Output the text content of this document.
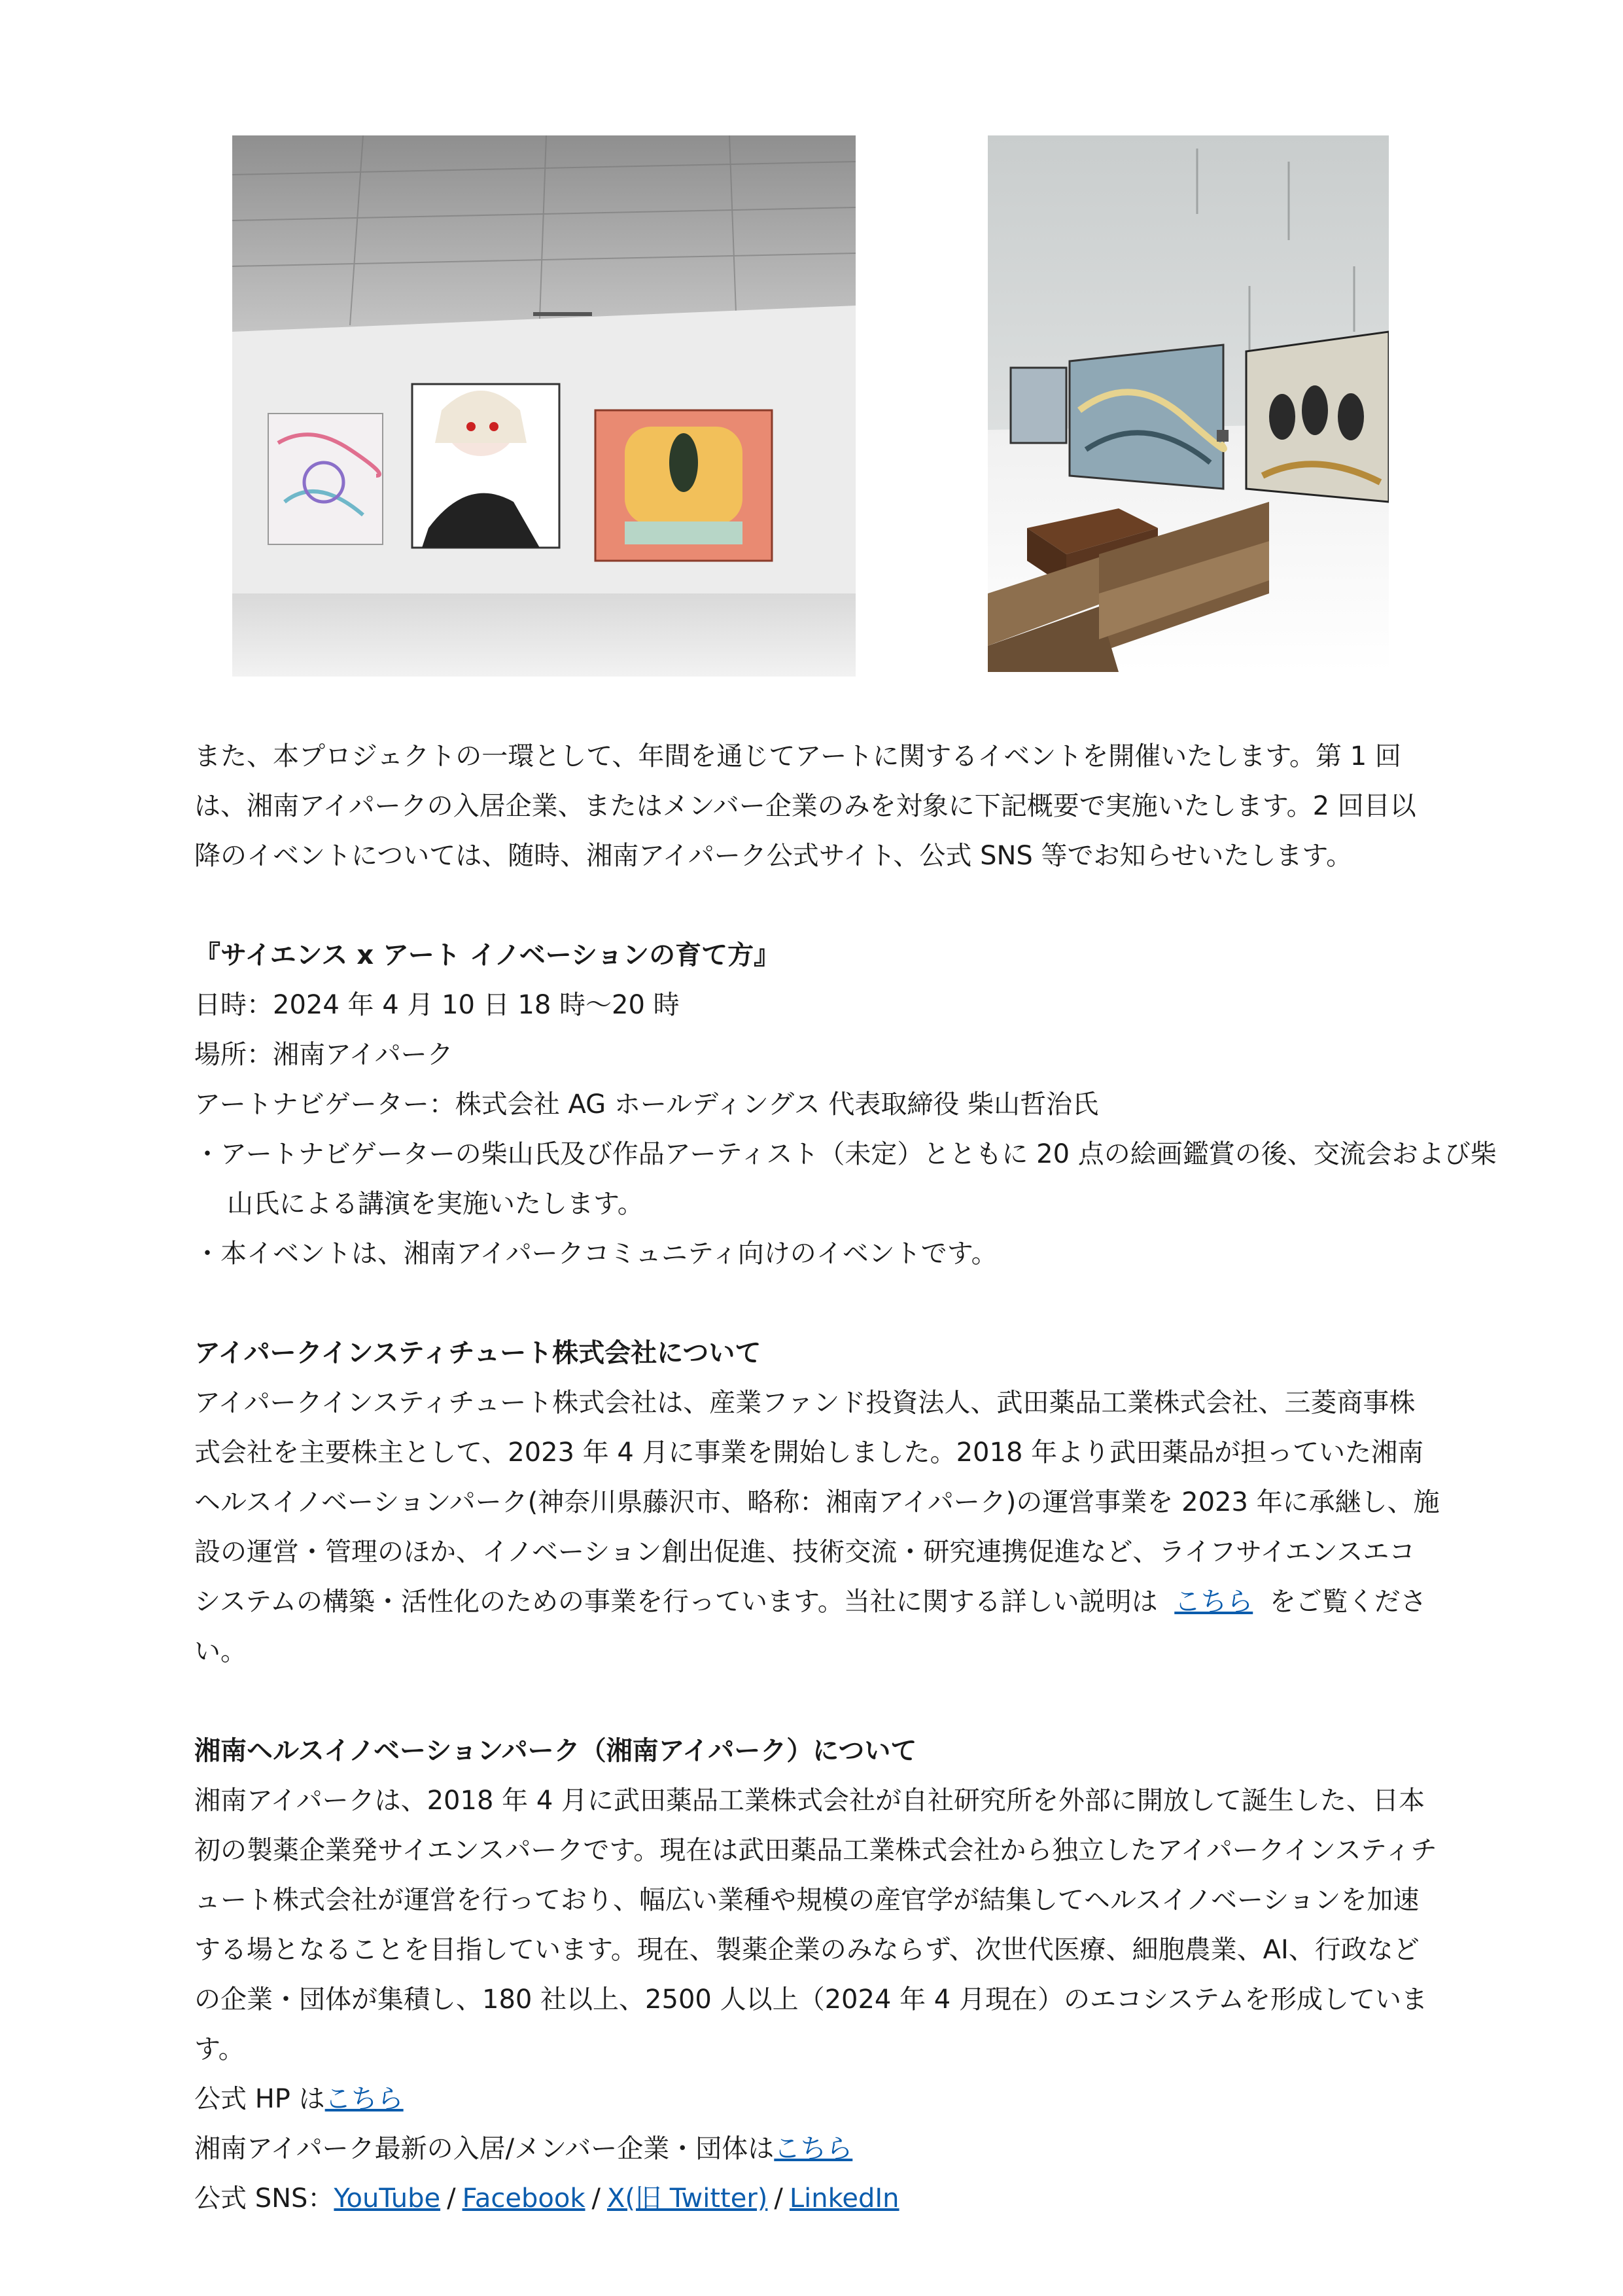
また、本プロジェクトの一環として、年間を通じてアートに関するイベントを開催いたします。第 1 回は、湘南アイパークの入居企業、またはメンバー企業のみを対象に下記概要で実施いたします。2 回目以降のイベントについては、随時、湘南アイパーク公式サイト、公式 SNS 等でお知らせいたします。

『サイエンス x アート イノベーションの育て方』

日時：2024 年 4 月 10 日 18 時～20 時

場所：湘南アイパーク

アートナビゲーター：株式会社 AG ホールディングス 代表取締役 柴山哲治氏

・アートナビゲーターの柴山氏及び作品アーティスト（未定）とともに 20 点の絵画鑑賞の後、交流会および柴

山氏による講演を実施いたします。

・本イベントは、湘南アイパークコミュニティ向けのイベントです。

アイパークインスティチュート株式会社について

アイパークインスティチュート株式会社は、産業ファンド投資法人、武田薬品工業株式会社、三菱商事株式会社を主要株主として、2023 年 4 月に事業を開始しました。2018 年より武田薬品が担っていた湘南ヘルスイノベーションパーク(神奈川県藤沢市、略称：湘南アイパーク)の運営事業を 2023 年に承継し、施設の運営・管理のほか、イノベーション創出促進、技術交流・研究連携促進など、ライフサイエンスエコシステムの構築・活性化のための事業を行っています。当社に関する詳しい説明は こちら をご覧ください。

湘南ヘルスイノベーションパーク（湘南アイパーク）について

湘南アイパークは、2018 年 4 月に武田薬品工業株式会社が自社研究所を外部に開放して誕生した、日本初の製薬企業発サイエンスパークです。現在は武田薬品工業株式会社から独立したアイパークインスティチュート株式会社が運営を行っており、幅広い業種や規模の産官学が結集してヘルスイノベーションを加速する場となることを目指しています。現在、製薬企業のみならず、次世代医療、細胞農業、AI、行政などの企業・団体が集積し、180 社以上、2500 人以上（2024 年 4 月現在）のエコシステムを形成しています。

公式 HP はこちら

湘南アイパーク最新の入居/メンバー企業・団体はこちら

公式 SNS：YouTube / Facebook / X(旧 Twitter) / LinkedIn
